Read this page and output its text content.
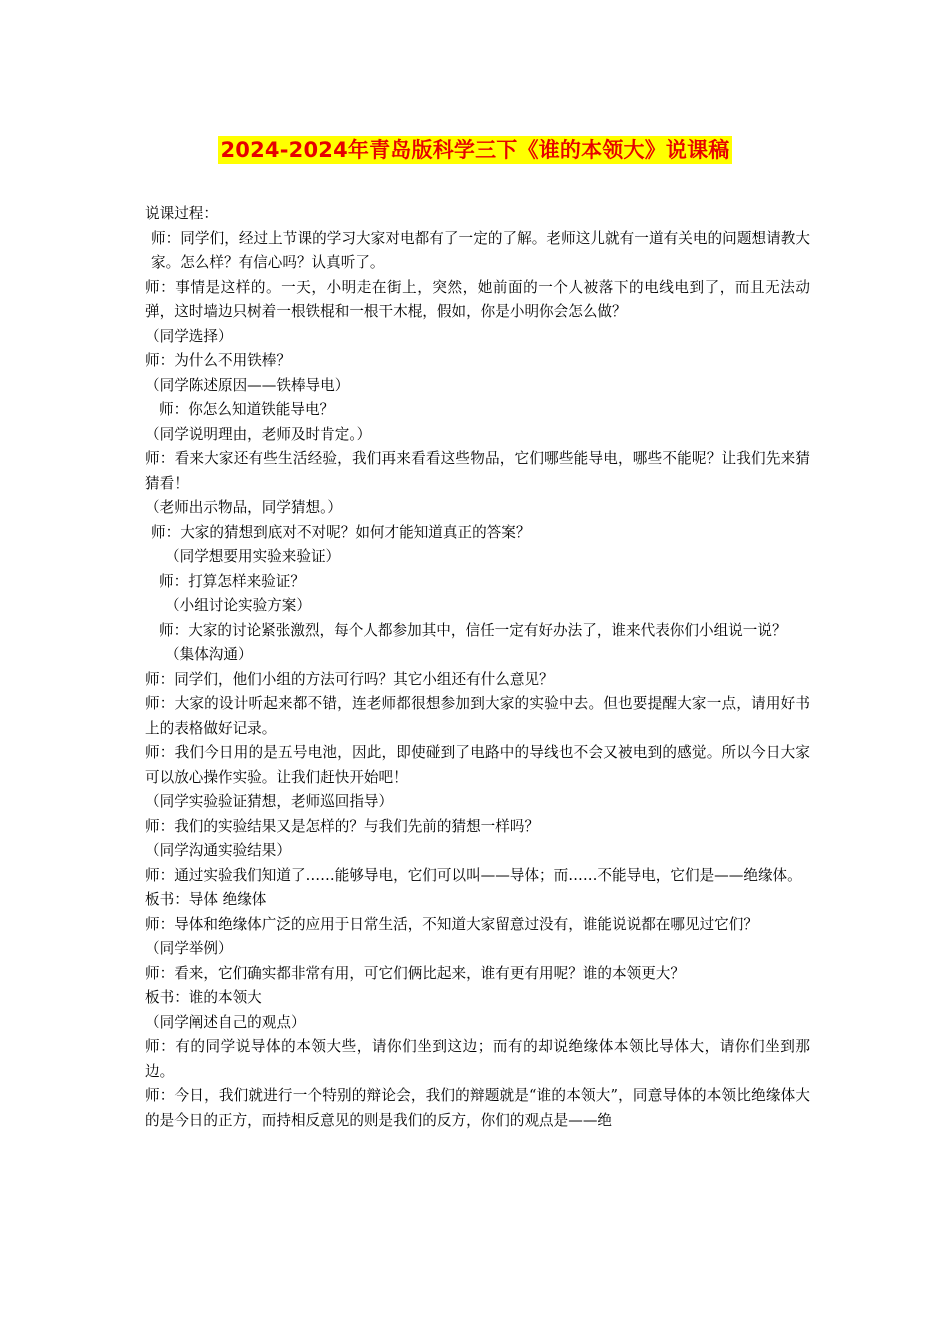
2024-2024年青岛版科学三下《谁的本领大》说课稿

说课过程：

师：同学们，经过上节课的学习大家对电都有了一定的了解。老师这儿就有一道有关电的问题想请教大家。怎么样？有信心吗？认真听了。

师：事情是这样的。一天，小明走在街上，突然，她前面的一个人被落下的电线电到了，而且无法动弹，这时墙边只树着一根铁棍和一根干木棍，假如，你是小明你会怎么做？

（同学选择）

师：为什么不用铁棒？

（同学陈述原因——铁棒导电）

师：你怎么知道铁能导电？

（同学说明理由，老师及时肯定。）

师：看来大家还有些生活经验，我们再来看看这些物品，它们哪些能导电，哪些不能呢？让我们先来猜猜看！

（老师出示物品，同学猜想。）

师：大家的猜想到底对不对呢？如何才能知道真正的答案？

（同学想要用实验来验证）

师：打算怎样来验证？

（小组讨论实验方案）

师：大家的讨论紧张激烈，每个人都参加其中，信任一定有好办法了，谁来代表你们小组说一说？

（集体沟通）

师：同学们，他们小组的方法可行吗？其它小组还有什么意见？

师：大家的设计听起来都不错，连老师都很想参加到大家的实验中去。但也要提醒大家一点，请用好书上的表格做好记录。

师：我们今日用的是五号电池，因此，即使碰到了电路中的导线也不会又被电到的感觉。所以今日大家可以放心操作实验。让我们赶快开始吧！

（同学实验验证猜想，老师巡回指导）

师：我们的实验结果又是怎样的？与我们先前的猜想一样吗？

（同学沟通实验结果）

师：通过实验我们知道了……能够导电，它们可以叫——导体；而……不能导电，它们是——绝缘体。

板书：导体 绝缘体

师：导体和绝缘体广泛的应用于日常生活，不知道大家留意过没有，谁能说说都在哪见过它们？

（同学举例）

师：看来，它们确实都非常有用，可它们俩比起来，谁有更有用呢？谁的本领更大？

板书：谁的本领大

（同学阐述自己的观点）

师：有的同学说导体的本领大些，请你们坐到这边；而有的却说绝缘体本领比导体大，请你们坐到那边。

师：今日，我们就进行一个特别的辩论会，我们的辩题就是“谁的本领大”，同意导体的本领比绝缘体大的是今日的正方，而持相反意见的则是我们的反方，你们的观点是——绝
